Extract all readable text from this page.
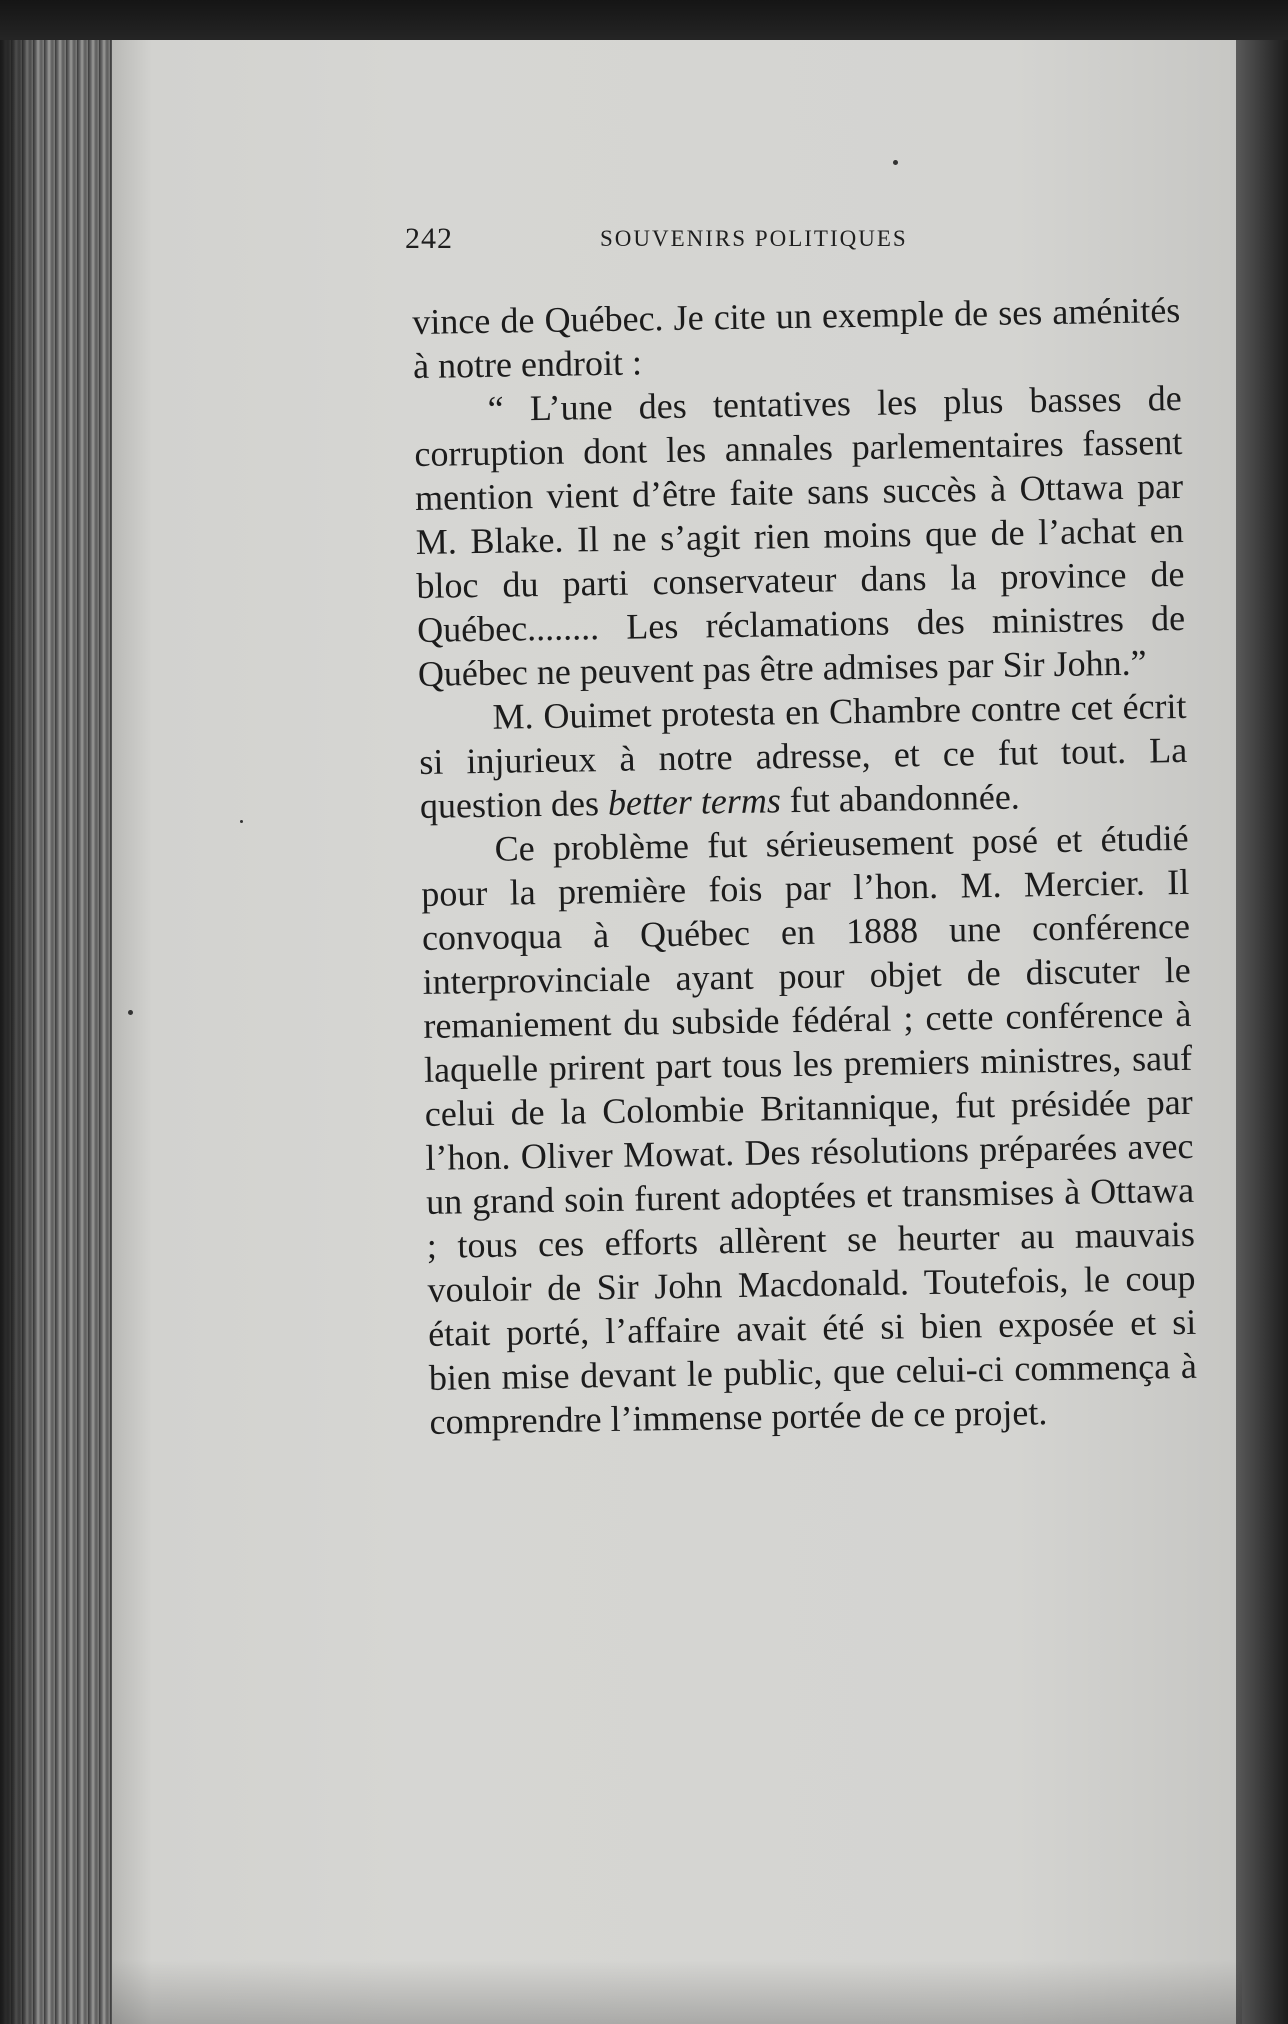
242	SOUVENIRS POLITIQUES

vince de Québec. Je cite un exemple de ses aménités à notre endroit :

“ L’une des tentatives les plus basses de corruption dont les annales parlementaires fassent mention vient d’être faite sans succès à Ottawa par M. Blake. Il ne s’agit rien moins que de l’achat en bloc du parti conservateur dans la province de Québec........ Les réclamations des ministres de Québec ne peuvent pas être admises par Sir John.”

M. Ouimet protesta en Chambre contre cet écrit si injurieux à notre adresse, et ce fut tout. La question des better terms fut abandonnée.

Ce problème fut sérieusement posé et étudié pour la première fois par l’hon. M. Mercier. Il convoqua à Québec en 1888 une conférence interprovinciale ayant pour objet de discuter le remaniement du subside fédéral ; cette conférence à laquelle prirent part tous les premiers ministres, sauf celui de la Colombie Britannique, fut présidée par l’hon. Oliver Mowat. Des résolutions préparées avec un grand soin furent adoptées et transmises à Ottawa ; tous ces efforts allèrent se heurter au mauvais vouloir de Sir John Macdonald. Toutefois, le coup était porté, l’affaire avait été si bien exposée et si bien mise devant le public, que celui-ci commença à comprendre l’immense portée de ce projet.
